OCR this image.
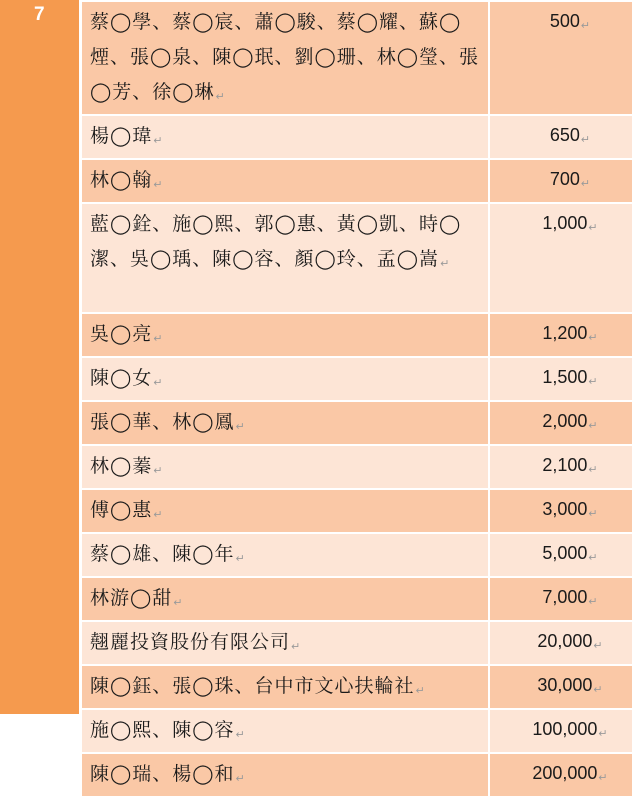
7 蔡◯學、蔡◯宸、蕭◯駿、蔡◯耀、蘇◯煙、張◯泉、陳◯珉、劉◯珊、林◯瑩、張◯芳、徐◯琳↵	500↵
楊◯瑋↵	650↵
林◯翰↵	700↵
藍◯銓、施◯熙、郭◯惠、黃◯凱、時◯潔、吳◯瑀、陳◯容、顏◯玲、孟◯嵩↵	1,000↵
吳◯亮↵	1,200↵
陳◯女↵	1,500↵
張◯華、林◯鳳↵	2,000↵
林◯蓁↵	2,100↵
傅◯惠↵	3,000↵
蔡◯雄、陳◯年↵	5,000↵
林游◯甜↵	7,000↵
翹麗投資股份有限公司↵	20,000↵
陳◯鈺、張◯珠、台中市文心扶輪社↵	30,000↵
施◯熙、陳◯容↵	100,000↵
陳◯瑞、楊◯和↵	200,000↵
